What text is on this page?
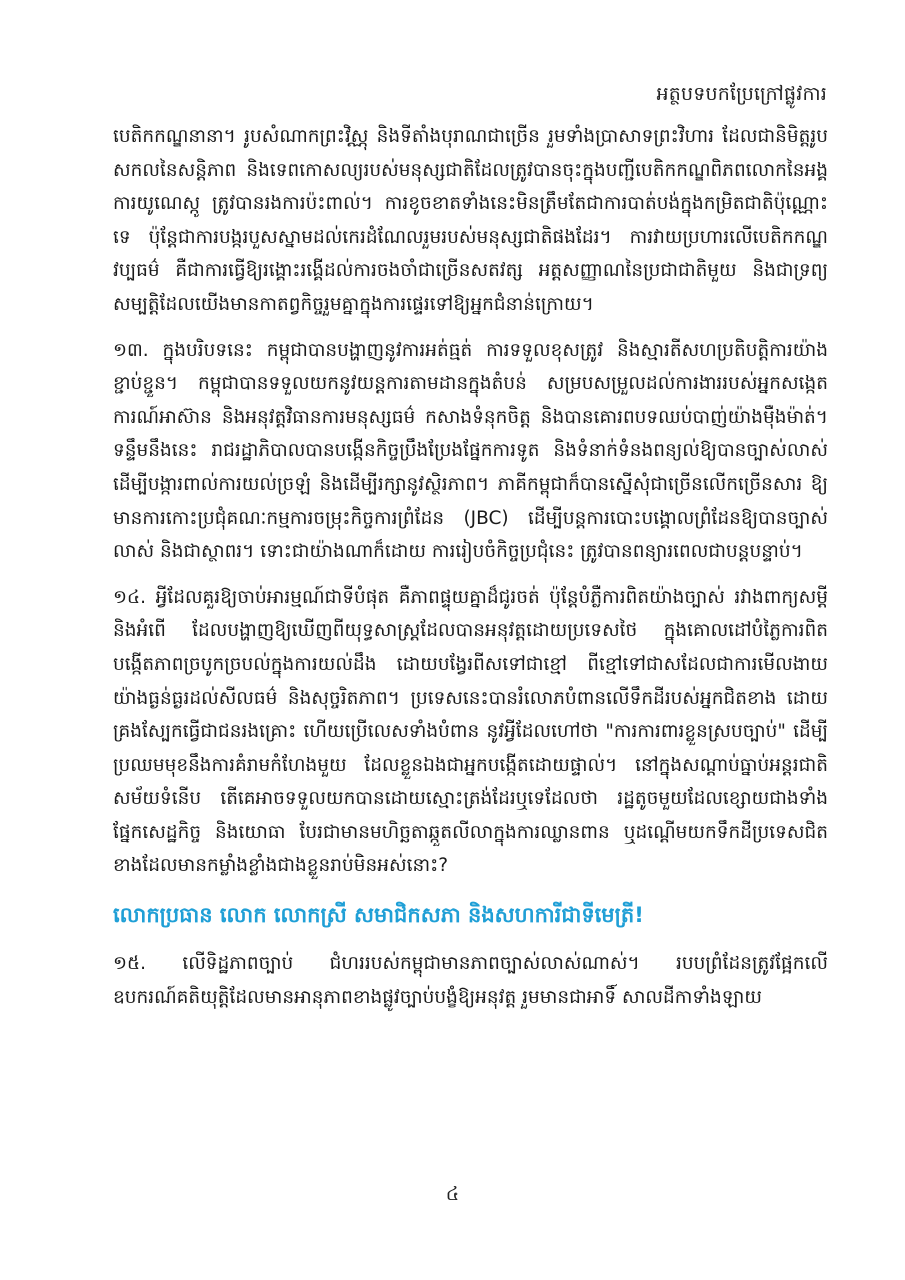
អត្ថបទបកប្រែក្រៅផ្លូវការ

បេតិកកណ្ឌនានា។ រូបសំណាកព្រះវិស្ណុ និងទីតាំងបុរាណជាច្រើន រួមទាំងប្រាសាទព្រះវិហារ ដែលជានិមិត្តរូបសកលនៃសន្តិភាព និងទេពកោសល្យរបស់មនុស្សជាតិដែលត្រូវបានចុះក្នុងបញ្ជីបេតិកកណ្ឌពិភពលោកនៃអង្គការយូណេស្កូ ត្រូវបានរងការប៉ះពាល់។ ការខូចខាតទាំងនេះមិនត្រឹមតែជាការបាត់បង់ក្នុងកម្រិតជាតិប៉ុណ្ណោះទេ ប៉ុន្តែជាការបង្ករបួសស្នាមដល់កេរដំណែលរួមរបស់មនុស្សជាតិផងដែរ។ ការវាយប្រហារលើបេតិកកណ្ឌវប្បធម៌ គឺជាការធ្វើឱ្យរង្គោះរង្គើដល់ការចងចាំជាច្រើនសតវត្ស អត្តសញ្ញាណនៃប្រជាជាតិមួយ និងជាទ្រព្យសម្បត្តិដែលយើងមានកាតព្វកិច្ចរួមគ្នាក្នុងការផ្ទេរទៅឱ្យអ្នកជំនាន់ក្រោយ។

១៣. ក្នុងបរិបទនេះ កម្ពុជាបានបង្ហាញនូវការអត់ធ្មត់ ការទទួលខុសត្រូវ និងស្មារតីសហប្រតិបត្តិការយ៉ាងខ្ជាប់ខ្ជួន។ កម្ពុជាបានទទួលយកនូវយន្តការតាមដានក្នុងតំបន់ សម្របសម្រួលដល់ការងាររបស់អ្នកសង្កេតការណ៍អាស៊ាន និងអនុវត្តវិធានការមនុស្សធម៌ កសាងទំនុកចិត្ត និងបានគោរពបទឈប់បាញ់យ៉ាងម៉ឺងម៉ាត់។ ទន្ទឹមនឹងនេះ រាជរដ្ឋាភិបាលបានបង្កើនកិច្ចប្រឹងប្រែងផ្នែកការទូត និងទំនាក់ទំនងពន្យល់ឱ្យបានច្បាស់លាស់ ដើម្បីបង្ការពាល់ការយល់ច្រឡំ និងដើម្បីរក្សានូវស្ថិរភាព។ ភាគីកម្ពុជាក៏បានស្នើសុំជាច្រើនលើកច្រើនសារ ឱ្យមានការកោះប្រជុំគណៈកម្មការចម្រុះកិច្ចការព្រំដែន (JBC) ដើម្បីបន្តការបោះបង្គោលព្រំដែនឱ្យបានច្បាស់លាស់ និងជាស្ថាពរ។ ទោះជាយ៉ាងណាក៏ដោយ ការរៀបចំកិច្ចប្រជុំនេះ ត្រូវបានពន្យារពេលជាបន្តបន្ទាប់។

១៤. អ្វីដែលគួរឱ្យចាប់អារម្មណ៍ជាទីបំផុត គឺភាពផ្ទុយគ្នាដ៏ជូរចត់ ប៉ុន្តែបំភ្លឺការពិតយ៉ាងច្បាស់ រវាងពាក្យសម្ដី និងអំពើ ដែលបង្ហាញឱ្យឃើញពីយុទ្ធសាស្ត្រដែលបានអនុវត្តដោយប្រទេសថៃ ក្នុងគោលដៅបំភ្លៃការពិត បង្កើតភាពច្របូកច្របល់ក្នុងការយល់ដឹង ដោយបង្វែរពីសទៅជាខ្មៅ ពីខ្មៅទៅជាសដែលជាការមើលងាយយ៉ាងធ្ងន់ធ្ងរដល់សីលធម៌ និងសុច្ចរិតភាព។ ប្រទេសនេះបានរំលោភបំពានលើទឹកដីរបស់អ្នកជិតខាង ដោយគ្រងស្បែកធ្វើជាជនរងគ្រោះ ហើយប្រើលេសទាំងបំពាន នូវអ្វីដែលហៅថា "ការការពារខ្លួនស្របច្បាប់" ដើម្បីប្រឈមមុខនឹងការគំរាមកំហែងមួយ ដែលខ្លួនឯងជាអ្នកបង្កើតដោយផ្ទាល់។ នៅក្នុងសណ្តាប់ធ្នាប់អន្តរជាតិសម័យទំនើប តើគេអាចទទួលយកបានដោយស្មោះត្រង់ដែរឬទេដែលថា រដ្ឋតូចមួយដែលខ្សោយជាងទាំងផ្នែកសេដ្ឋកិច្ច និងយោធា បែរជាមានមហិច្ឆតាឆ្កួតលីលាក្នុងការឈ្លានពាន ឬដណ្ដើមយកទឹកដីប្រទេសជិតខាងដែលមានកម្លាំងខ្លាំងជាងខ្លួនរាប់មិនអស់នោះ?

លោកប្រធាន លោក លោកស្រី សមាជិកសភា និងសហការីជាទីមេត្រី!

១៥. លើទិដ្ឋភាពច្បាប់ ជំហររបស់កម្ពុជាមានភាពច្បាស់លាស់ណាស់។ របបព្រំដែនត្រូវផ្អែកលើឧបករណ៍គតិយុត្តិដែលមានអានុភាពខាងផ្លូវច្បាប់បង្ខំឱ្យអនុវត្ត រួមមានជាអាទិ៍ សាលដីកាទាំងឡាយ

៤
